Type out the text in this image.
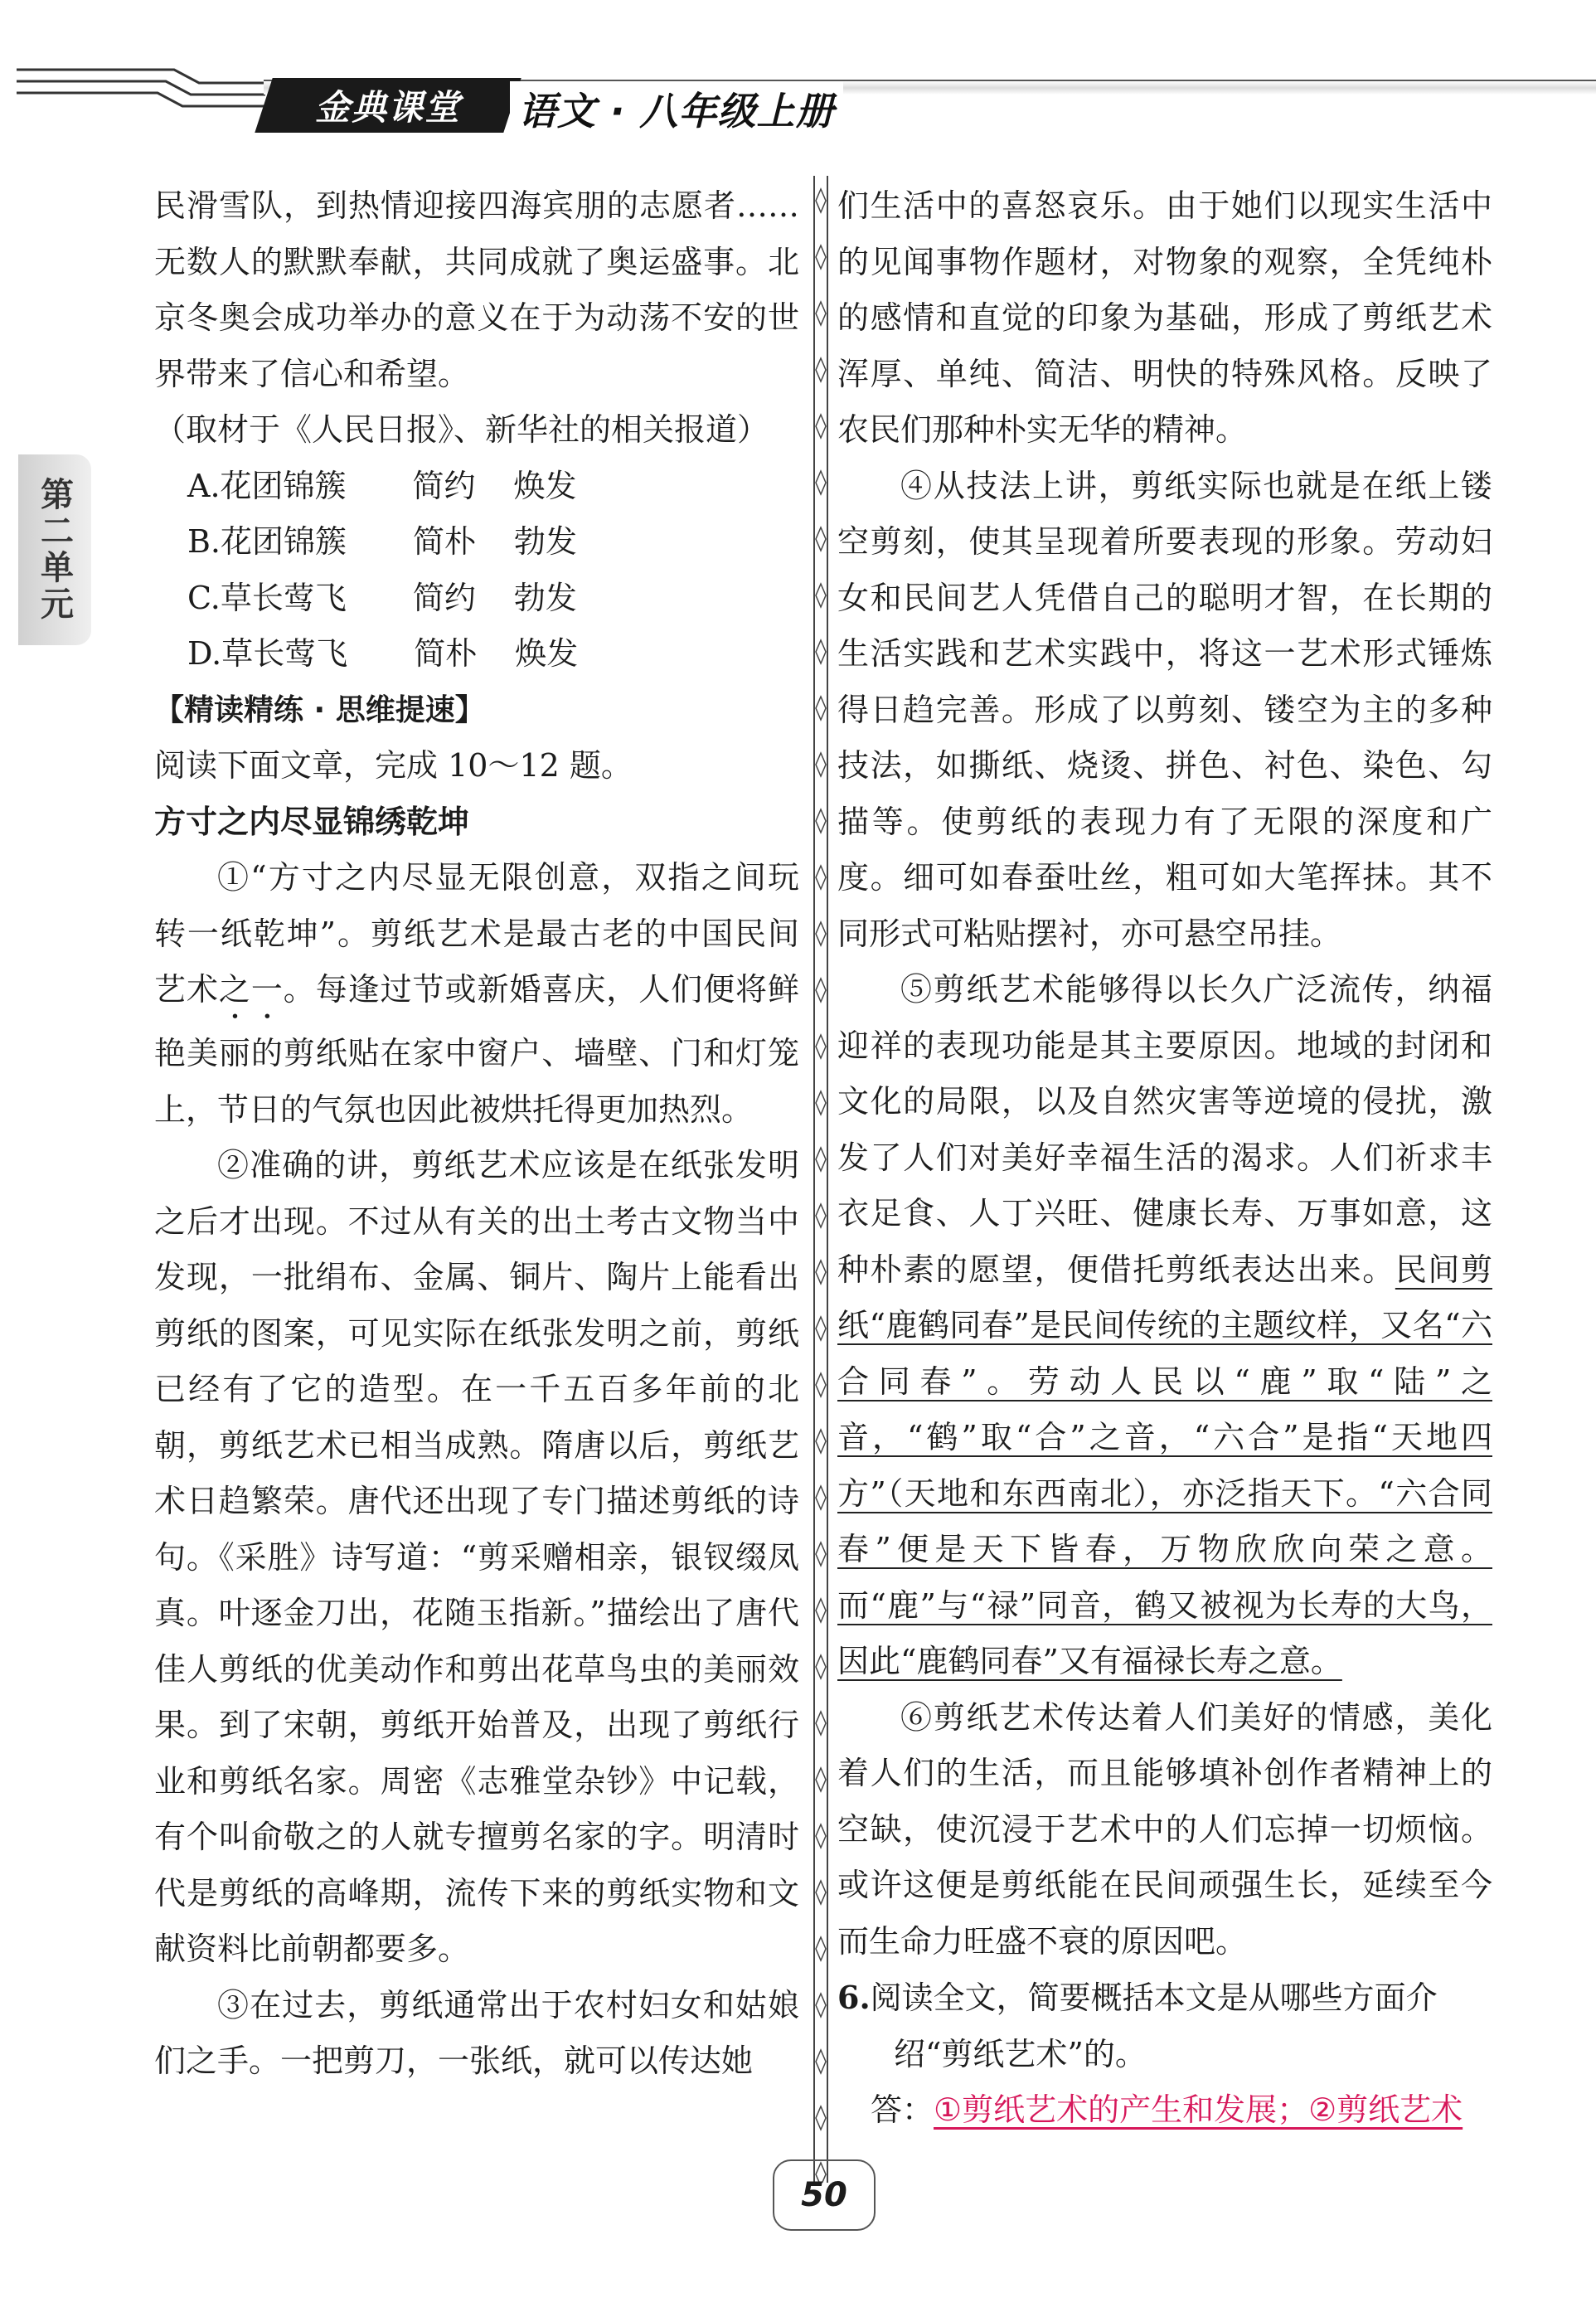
金典课堂 语文 · 八年级上册
第二单元

民滑雪队，到热情迎接四海宾朋的志愿者……无数人的默默奉献，共同成就了奥运盛事。北京冬奥会成功举办的意义在于为动荡不安的世界带来了信心和希望。

（取材于《人民日报》、新华社的相关报道）

A.花团锦簇 简约 焕发

B.花团锦簇 简朴 勃发

C.草长莺飞 简约 勃发

D.草长莺飞 简朴 焕发

【精读精练 · 思维提速】

阅读下面文章，完成 10～12 题。

方寸之内尽显锦绣乾坤

①“方寸之内尽显无限创意，双指之间玩转一纸乾坤”。剪纸艺术是最古老的中国民间艺术之一。每逢过节或新婚喜庆，人们便将鲜艳美丽的剪纸贴在家中窗户、墙壁、门和灯笼上，节日的气氛也因此被烘托得更加热烈。

②准确的讲，剪纸艺术应该是在纸张发明之后才出现。不过从有关的出土考古文物当中发现，一批绢布、金属、铜片、陶片上能看出剪纸的图案，可见实际在纸张发明之前，剪纸已经有了它的造型。在一千五百多年前的北朝，剪纸艺术已相当成熟。隋唐以后，剪纸艺术日趋繁荣。唐代还出现了专门描述剪纸的诗句。《采胜》诗写道：“剪采赠相亲，银钗缀凤真。叶逐金刀出，花随玉指新。”描绘出了唐代佳人剪纸的优美动作和剪出花草鸟虫的美丽效果。到了宋朝，剪纸开始普及，出现了剪纸行业和剪纸名家。周密《志雅堂杂钞》中记载，有个叫俞敬之的人就专擅剪名家的字。明清时代是剪纸的高峰期，流传下来的剪纸实物和文献资料比前朝都要多。

③在过去，剪纸通常出于农村妇女和姑娘们之手。一把剪刀，一张纸，就可以传达她

们生活中的喜怒哀乐。由于她们以现实生活中的见闻事物作题材，对物象的观察，全凭纯朴的感情和直觉的印象为基础，形成了剪纸艺术浑厚、单纯、简洁、明快的特殊风格。反映了农民们那种朴实无华的精神。

④从技法上讲，剪纸实际也就是在纸上镂空剪刻，使其呈现着所要表现的形象。劳动妇女和民间艺人凭借自己的聪明才智，在长期的生活实践和艺术实践中，将这一艺术形式锤炼得日趋完善。形成了以剪刻、镂空为主的多种技法，如撕纸、烧烫、拼色、衬色、染色、勾描等。使剪纸的表现力有了无限的深度和广度。细可如春蚕吐丝，粗可如大笔挥抹。其不同形式可粘贴摆衬，亦可悬空吊挂。

⑤剪纸艺术能够得以长久广泛流传，纳福迎祥的表现功能是其主要原因。地域的封闭和文化的局限，以及自然灾害等逆境的侵扰，激发了人们对美好幸福生活的渴求。人们祈求丰衣足食、人丁兴旺、健康长寿、万事如意，这种朴素的愿望，便借托剪纸表达出来。民间剪纸“鹿鹤同春”是民间传统的主题纹样，又名“六合同春”。劳动人民以“鹿”取“陆”之音，“鹤”取“合”之音，“六合”是指“天地四方”（天地和东西南北），亦泛指天下。“六合同春”便是天下皆春，万物欣欣向荣之意。而“鹿”与“禄”同音，鹤又被视为长寿的大鸟，因此“鹿鹤同春”又有福禄长寿之意。

⑥剪纸艺术传达着人们美好的情感，美化着人们的生活，而且能够填补创作者精神上的空缺，使沉浸于艺术中的人们忘掉一切烦恼。或许这便是剪纸能在民间顽强生长，延续至今而生命力旺盛不衰的原因吧。

6.阅读全文，简要概括本文是从哪些方面介

绍“剪纸艺术”的。

答：①剪纸艺术的产生和发展；②剪纸艺术

50
